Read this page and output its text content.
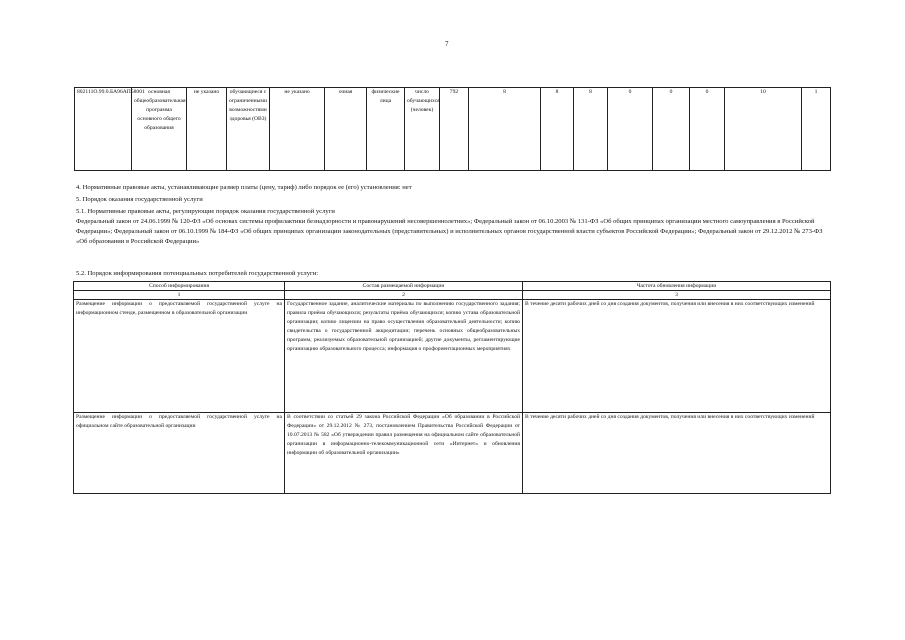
7
802111О.99.0.БА96АП58001	основная общеобразовательная программа основного общего образования	не указано	обучающиеся с ограниченными возможностями здоровья (ОВЗ)	не указано	очная	физические лица	число обучающихся (человек)	792	8	8	8	0	0	0	10	1
4. Нормативные правовые акты, устанавливающие размер платы (цену, тариф) либо порядок ее (его) установления: нет
5. Порядок оказания государственной услуги
5.1. Нормативные правовые акты, регулирующие порядок оказания государственной услуги
Федеральный закон от 24.06.1999 № 120-ФЗ «Об основах системы профилактики безнадзорности и правонарушений несовершеннолетних»; Федеральный закон от 06.10.2003 № 131-ФЗ «Об общих принципах организации местного самоуправления в Российской Федерации»; Федеральный закон от 06.10.1999 № 184-ФЗ «Об общих принципах организации законодательных (представительных) и исполнительных органов государственной власти субъектов Российской Федерации»; Федеральный закон от 29.12.2012 № 273-ФЗ «Об образовании в Российской Федерации»
5.2. Порядок информирования потенциальных потребителей государственной услуги:
Способ информирования	Состав размещаемой информации	Частота обновления информации
1	2	3
Размещение информации о предоставляемой государственной услуге на информационном стенде, размещенном в образовательной организации	Государственное задание, аналитические материалы по выполнению государственного задания; правила приёма обучающихся; результаты приёма обучающихся; копию устава образовательной организации; копию лицензии на право осуществления образовательной деятельности; копию свидетельства о государственной аккредитации; перечень основных общеобразовательных программ, реализуемых образовательной организацией; другие документы, регламентирующие организацию образовательного процесса; информация о профориентационных мероприятиях	В течение десяти рабочих дней со дня создания документов, получения или внесения в них соответствующих изменений
Размещение информации о предоставляемой государственной услуге на официальном сайте образовательной организации	В соответствии со статьей 29 закона Российской Федерации «Об образовании в Российской Федерации» от 29.12.2012 № 273, постановлением Правительства Российской Федерации от 10.07.2013 № 582 «Об утверждении правил размещения на официальном сайте образовательной организации в информационно-телекоммуникационной сети «Интернет» и обновления информации об образовательной организации»	В течение десяти рабочих дней со дня создания документов, получения или внесения в них соответствующих изменений
